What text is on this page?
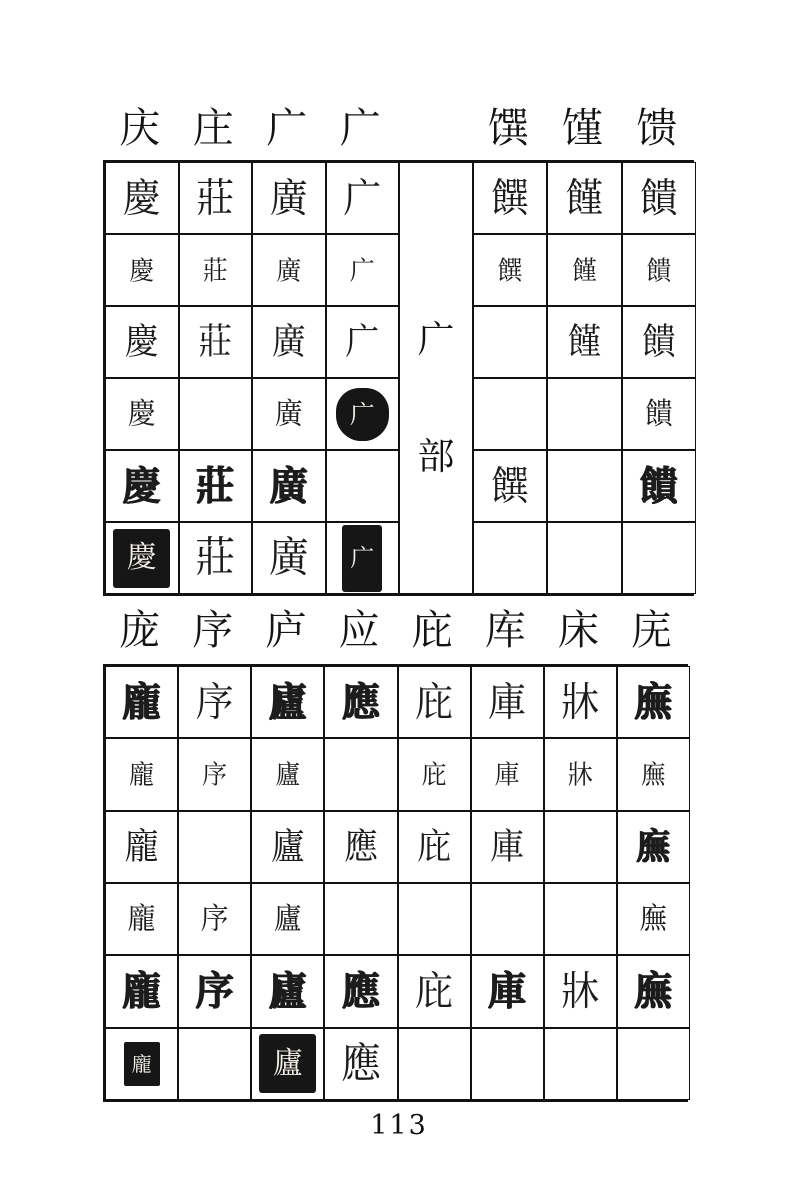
庆 庄 广 广	馔 馑 馈
慶
慶
慶
慶
慶
慶
莊
莊
莊
莊
莊
廣
廣
廣
廣
廣
廣
广
广
广
广
广
饌
饌
饌
饉
饉
饉
饋
饋
饋
饋
饋
广
部
庞 序 庐 应 庇 库 床 庑
龐
龐
龐
龐
龐
龐
序
序
序
序
廬
廬
廬
廬
廬
廬
應
應
應
應
庇
庇
庇
庇
庫
庫
庫
庫
牀
牀
牀
廡
廡
廡
廡
廡
113
